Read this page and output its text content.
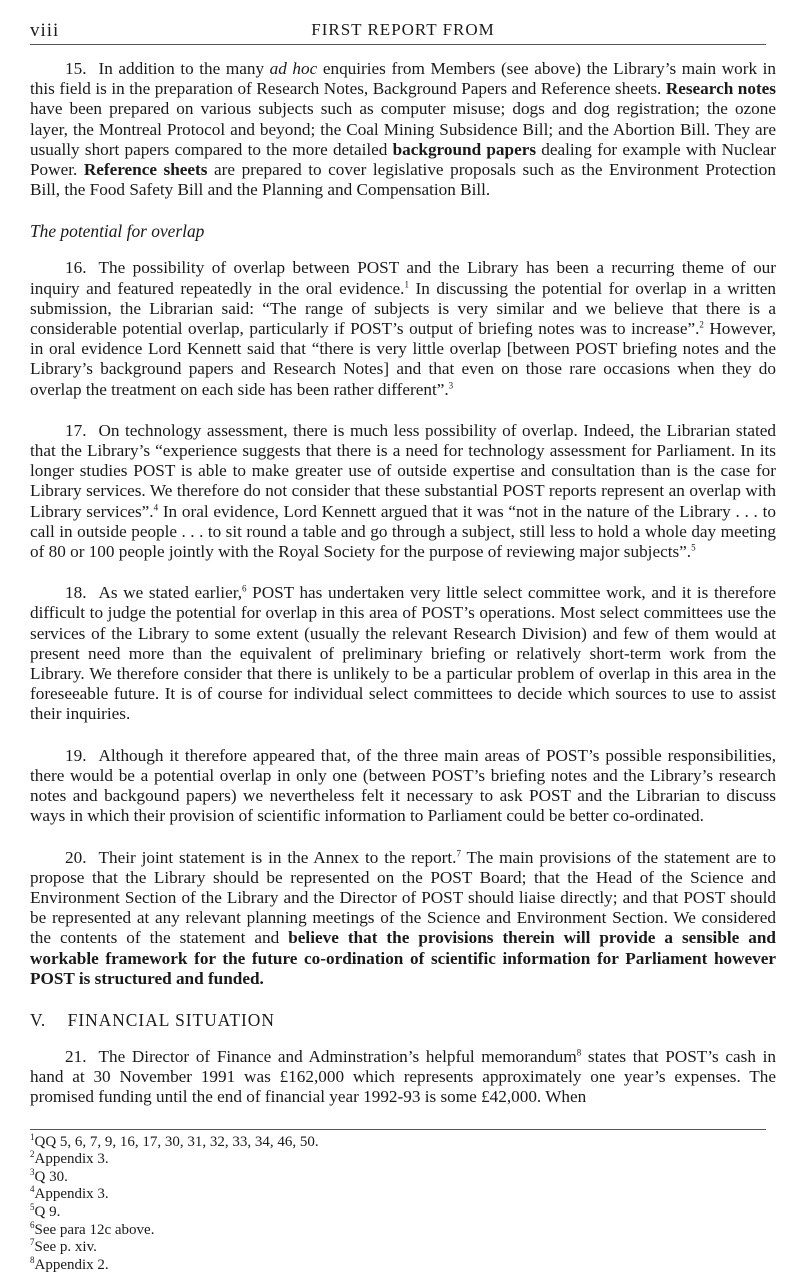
viii	FIRST REPORT FROM

15. In addition to the many ad hoc enquiries from Members (see above) the Library’s main work in this field is in the preparation of Research Notes, Background Papers and Reference sheets. Research notes have been prepared on various subjects such as computer misuse; dogs and dog registration; the ozone layer, the Montreal Protocol and beyond; the Coal Mining Subsidence Bill; and the Abortion Bill. They are usually short papers compared to the more detailed background papers dealing for example with Nuclear Power. Reference sheets are prepared to cover legislative proposals such as the Environment Protection Bill, the Food Safety Bill and the Planning and Compensation Bill.

The potential for overlap

16. The possibility of overlap between POST and the Library has been a recurring theme of our inquiry and featured repeatedly in the oral evidence.$^1$ In discussing the potential for overlap in a written submission, the Librarian said: “The range of subjects is very similar and we believe that there is a considerable potential overlap, particularly if POST’s output of briefing notes was to increase”.$^2$ However, in oral evidence Lord Kennett said that “there is very little overlap [between POST briefing notes and the Library’s background papers and Research Notes] and that even on those rare occasions when they do overlap the treatment on each side has been rather different”.$^3$

17. On technology assessment, there is much less possibility of overlap. Indeed, the Librarian stated that the Library’s “experience suggests that there is a need for technology assessment for Parliament. In its longer studies POST is able to make greater use of outside expertise and consultation than is the case for Library services. We therefore do not consider that these substantial POST reports represent an overlap with Library services”.$^4$ In oral evidence, Lord Kennett argued that it was “not in the nature of the Library . . . to call in outside people . . . to sit round a table and go through a subject, still less to hold a whole day meeting of 80 or 100 people jointly with the Royal Society for the purpose of reviewing major subjects”.$^5$

18. As we stated earlier,$^6$ POST has undertaken very little select committee work, and it is therefore difficult to judge the potential for overlap in this area of POST’s operations. Most select committees use the services of the Library to some extent (usually the relevant Research Division) and few of them would at present need more than the equivalent of preliminary briefing or relatively short-term work from the Library. We therefore consider that there is unlikely to be a particular problem of overlap in this area in the foreseeable future. It is of course for individual select committees to decide which sources to use to assist their inquiries.

19. Although it therefore appeared that, of the three main areas of POST’s possible responsibilities, there would be a potential overlap in only one (between POST’s briefing notes and the Library’s research notes and backgound papers) we nevertheless felt it necessary to ask POST and the Librarian to discuss ways in which their provision of scientific information to Parliament could be better co-ordinated.

20. Their joint statement is in the Annex to the report.$^7$ The main provisions of the statement are to propose that the Library should be represented on the POST Board; that the Head of the Science and Environment Section of the Library and the Director of POST should liaise directly; and that POST should be represented at any relevant planning meetings of the Science and Environment Section. We considered the contents of the statement and believe that the provisions therein will provide a sensible and workable framework for the future co-ordination of scientific information for Parliament however POST is structured and funded.

V. FINANCIAL SITUATION

21. The Director of Finance and Adminstration’s helpful memorandum$^8$ states that POST’s cash in hand at 30 November 1991 was £162,000 which represents approximately one year’s expenses. The promised funding until the end of financial year 1992-93 is some £42,000. When

$^1$QQ 5, 6, 7, 9, 16, 17, 30, 31, 32, 33, 34, 46, 50.
$^2$Appendix 3.
$^3$Q 30.
$^4$Appendix 3.
$^5$Q 9.
$^6$See para 12c above.
$^7$See p. xiv.
$^8$Appendix 2.
